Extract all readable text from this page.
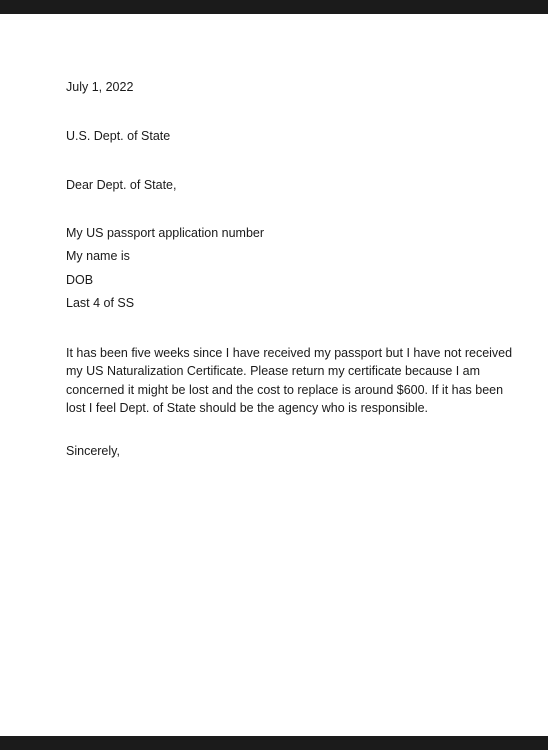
July 1, 2022
U.S. Dept. of State
Dear Dept. of State,
My US passport application number
My name is
DOB
Last 4 of SS
It has been five weeks since I have received my passport but I have not received
my US Naturalization Certificate. Please return my certificate because I am
concerned it might be lost and the cost to replace is around $600. If it has been
lost I feel Dept. of State should be the agency who is responsible.
Sincerely,
